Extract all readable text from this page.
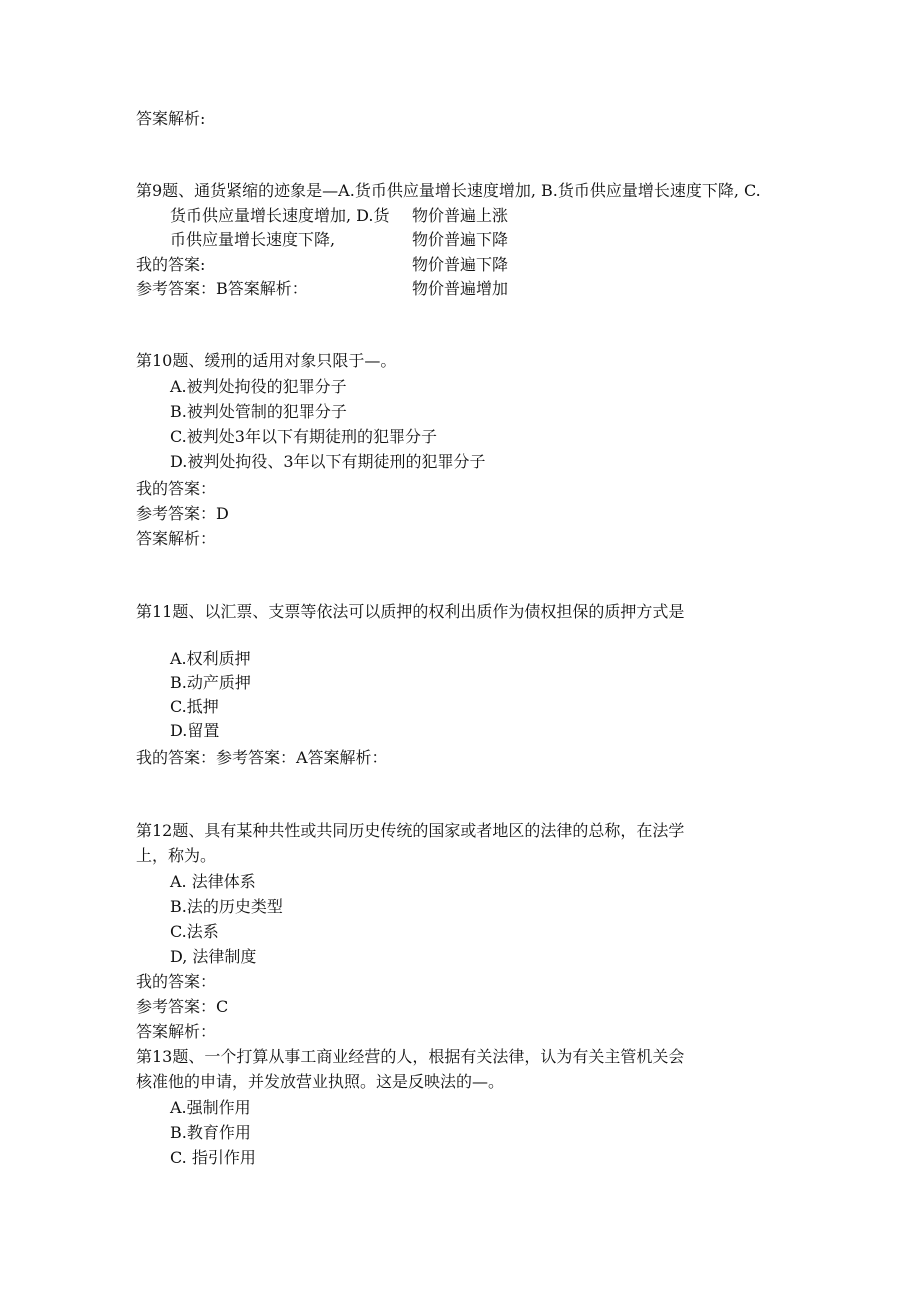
答案解析:
第9题、通货紧缩的迹象是—A.货币供应量增长速度增加, B.货币供应量增长速度下降, C.
货币供应量增长速度增加, D.货 物价普遍上涨
币供应量增长速度下降,	物价普遍下降
我的答案:	物价普遍下降
参考答案：B答案解析：	物价普遍增加
第10题、缓刑的适用对象只限于—。
A.被判处拘役的犯罪分子
B.被判处管制的犯罪分子
C.被判处3年以下有期徒刑的犯罪分子
D.被判处拘役、3年以下有期徒刑的犯罪分子
我的答案：
参考答案：D
答案解析：
第11题、以汇票、支票等依法可以质押的权利出质作为债权担保的质押方式是
A.权利质押
B.动产质押
C.抵押
D.留置
我的答案：参考答案：A答案解析：
第12题、具有某种共性或共同历史传统的国家或者地区的法律的总称，在法学
上，称为。
A. 法律体系
B.法的历史类型
C.法系
D, 法律制度
我的答案：
参考答案：C
答案解析：
第13题、一个打算从事工商业经营的人，根据有关法律，认为有关主管机关会
核准他的申请，并发放营业执照。这是反映法的—。
A.强制作用
B.教育作用
C. 指引作用
